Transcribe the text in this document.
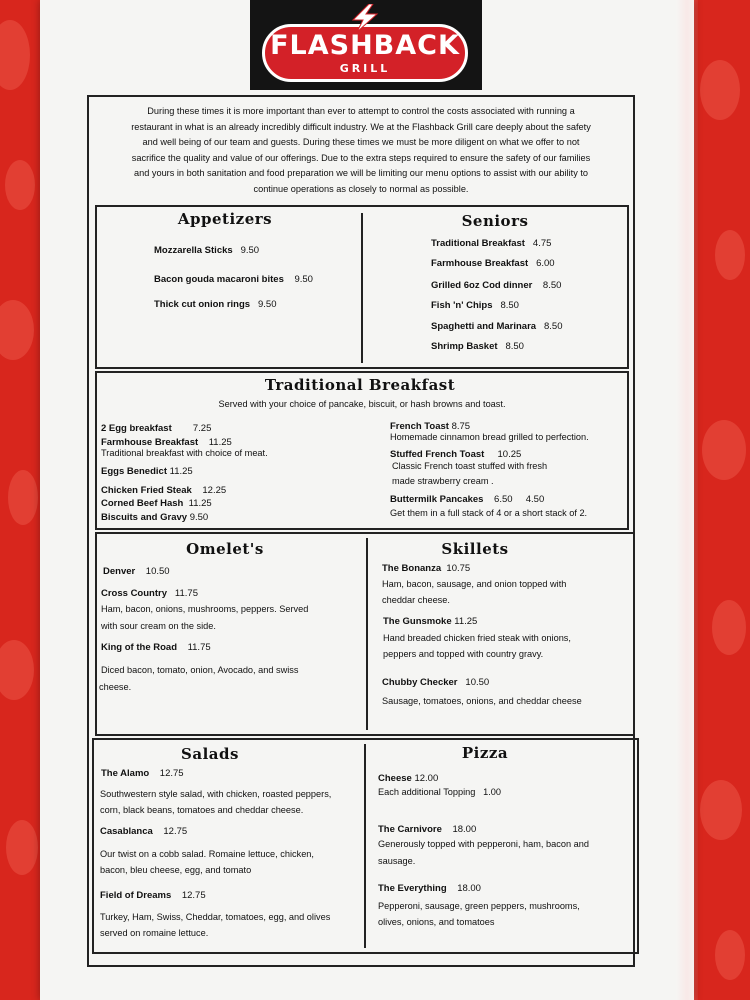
FLASHBACK
GRILL
During these times it is more important than ever to attempt to control the costs associated with running a restaurant in what is an already incredibly difficult industry. We at the Flashback Grill care deeply about the safety and well being of our team and guests. During these times we must be more diligent on what we offer to not sacrifice the quality and value of our offerings. Due to the extra steps required to ensure the safety of our families and yours in both sanitation and food preparation we will be limiting our menu options to assist with our ability to continue operations as closely to normal as possible.
Appetizers
Mozzarella Sticks 9.50
Bacon gouda macaroni bites 9.50
Thick cut onion rings 9.50
Seniors
Traditional Breakfast 4.75
Farmhouse Breakfast 6.00
Grilled 6oz Cod dinner 8.50
Fish 'n' Chips 8.50
Spaghetti and Marinara 8.50
Shrimp Basket 8.50
Traditional Breakfast
Served with your choice of pancake, biscuit, or hash browns and toast.
2 Egg breakfast 7.25
Farmhouse Breakfast 11.25
Traditional breakfast with choice of meat.
Eggs Benedict 11.25
Chicken Fried Steak 12.25
Corned Beef Hash 11.25
Biscuits and Gravy 9.50
French Toast 8.75
Homemade cinnamon bread grilled to perfection.
Stuffed French Toast 10.25
Classic French toast stuffed with fresh
made strawberry cream .
Buttermilk Pancakes 6.50 4.50
Get them in a full stack of 4 or a short stack of 2.
Omelet's
Denver 10.50
Cross Country 11.75
Ham, bacon, onions, mushrooms, peppers. Served
with sour cream on the side.
King of the Road 11.75
Diced bacon, tomato, onion, Avocado, and swiss
cheese.
Skillets
The Bonanza 10.75
Ham, bacon, sausage, and onion topped with
cheddar cheese.
The Gunsmoke 11.25
Hand breaded chicken fried steak with onions,
peppers and topped with country gravy.
Chubby Checker 10.50
Sausage, tomatoes, onions, and cheddar cheese
Salads
The Alamo 12.75
Southwestern style salad, with chicken, roasted peppers,
corn, black beans, tomatoes and cheddar cheese.
Casablanca 12.75
Our twist on a cobb salad. Romaine lettuce, chicken,
bacon, bleu cheese, egg, and tomato
Field of Dreams 12.75
Turkey, Ham, Swiss, Cheddar, tomatoes, egg, and olives
served on romaine lettuce.
Pizza
Cheese 12.00
Each additional Topping 1.00
The Carnivore 18.00
Generously topped with pepperoni, ham, bacon and
sausage.
The Everything 18.00
Pepperoni, sausage, green peppers, mushrooms,
olives, onions, and tomatoes
